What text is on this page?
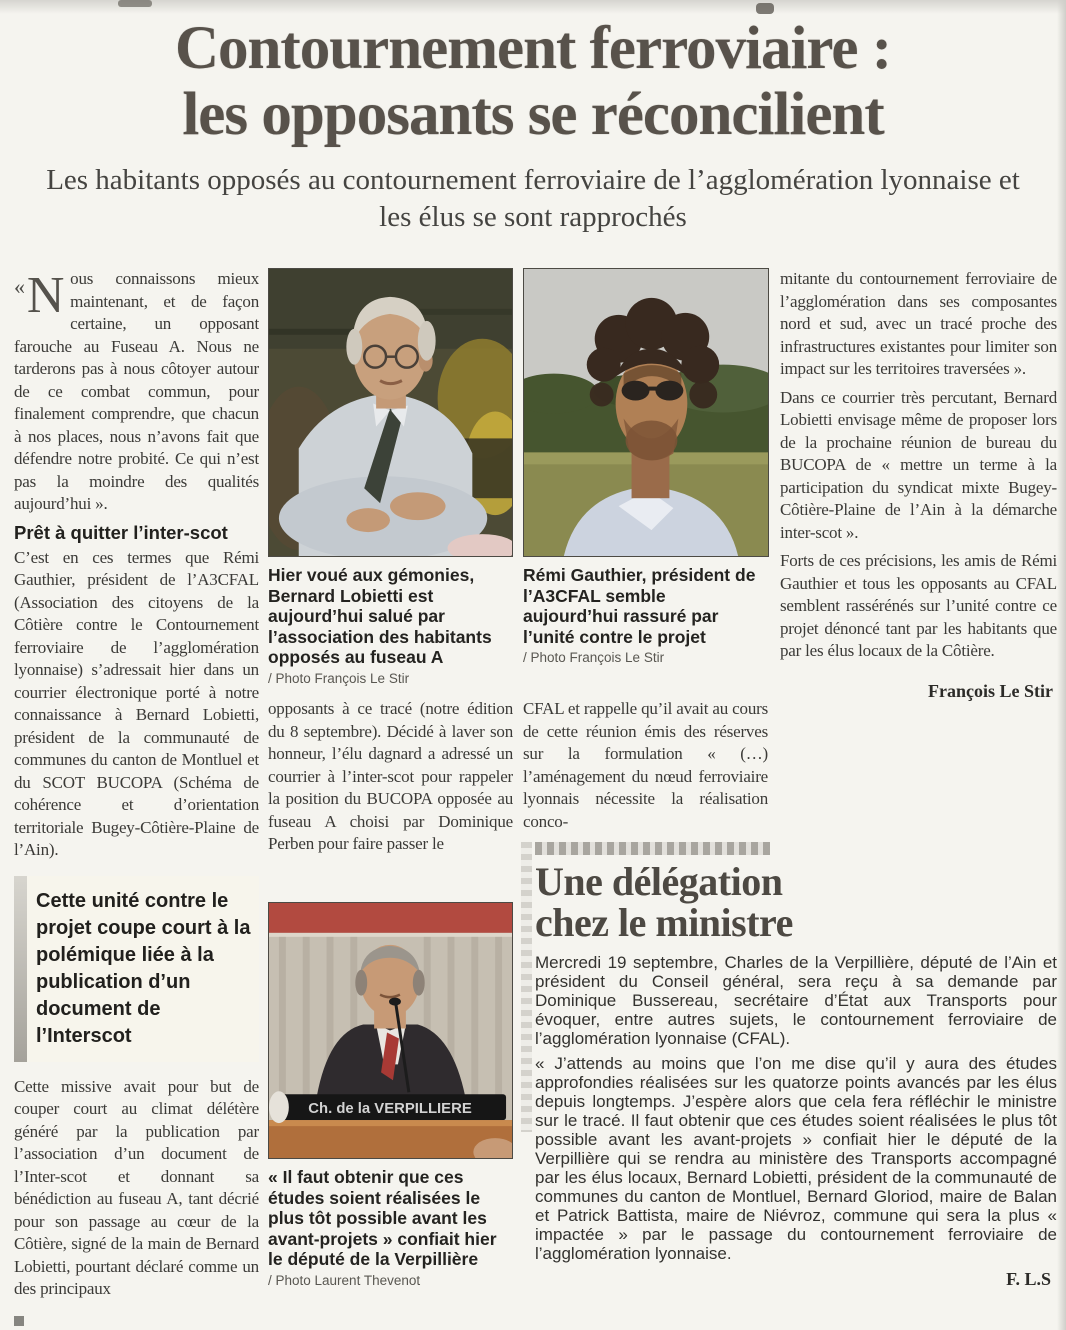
Contournement ferroviaire :
les opposants se réconcilient

Les habitants opposés au contournement ferroviaire de l’agglomération lyonnaise et les élus se sont rapprochés

«N ous connaissons mieux maintenant, et de façon certaine, un opposant farouche au Fuseau A. Nous ne tarderons pas à nous côtoyer autour de ce combat commun, pour finalement comprendre, que chacun à nos places, nous n’avons fait que défendre notre probité. Ce qui n’est pas la moindre des qualités aujourd’hui ».

Prêt à quitter l’inter-scot

C’est en ces termes que Rémi Gauthier, président de l’A3CFAL (Association des citoyens de la Côtière contre le Contournement ferroviaire de l’agglomération lyonnaise) s’adressait hier dans un courrier électronique porté à notre connaissance à Bernard Lobietti, président de la communauté de communes du canton de Montluel et du SCOT BUCOPA (Schéma de cohérence et d’orientation territoriale Bugey-Côtière-Plaine de l’Ain).

Cette unité contre le projet coupe court à la polémique liée à la publication d’un document de l’Interscot

Cette missive avait pour but de couper court au climat délétère généré par la publication par l’association d’un document de l’Inter-scot et donnant sa bénédiction au fuseau A, tant décrié pour son passage au cœur de la Côtière, signé de la main de Bernard Lobietti, pourtant déclaré comme un des principaux

Hier voué aux gémonies, Bernard Lobietti est aujourd’hui salué par l’association des habitants opposés au fuseau A
/ Photo François Le Stir

opposants à ce tracé (notre édition du 8 septembre). Décidé à laver son honneur, l’élu dagnard a adressé un courrier à l’inter-scot pour rappeler la position du BUCOPA opposée au fuseau A choisi par Dominique Perben pour faire passer le

Rémi Gauthier, président de l’A3CFAL semble aujourd’hui rassuré par l’unité contre le projet
/ Photo François Le Stir

CFAL et rappelle qu’il avait au cours de cette réunion émis des réserves sur la formulation « (…) l’aménagement du nœud ferroviaire lyonnais nécessite la réalisation conco-

mitante du contournement ferroviaire de l’agglomération dans ses composantes nord et sud, avec un tracé proche des infrastructures existantes pour limiter son impact sur les territoires traversées ».

Dans ce courrier très percutant, Bernard Lobietti envisage même de proposer lors de la prochaine réunion de bureau du BUCOPA de « mettre un terme à la participation du syndicat mixte Bugey-Côtière-Plaine de l’Ain à la démarche inter-scot ».

Forts de ces précisions, les amis de Rémi Gauthier et tous les opposants au CFAL semblent rassérénés sur l’unité contre ce projet dénoncé tant par les habitants que par les élus locaux de la Côtière.

François Le Stir

Ch. de la VERPILLIERE
« Il faut obtenir que ces études soient réalisées le plus tôt possible avant les avant-projets » confiait hier le député de la Verpillière
/ Photo Laurent Thevenot
Une délégation
chez le ministre

Mercredi 19 septembre, Charles de la Verpillière, député de l’Ain et président du Conseil général, sera reçu à sa demande par Dominique Bussereau, secrétaire d’État aux Transports pour évoquer, entre autres sujets, le contournement ferroviaire de l’agglomération lyonnaise (CFAL).

« J’attends au moins que l’on me dise qu’il y aura des études approfondies réalisées sur les quatorze points avancés par les élus depuis longtemps. J’espère alors que cela fera réfléchir le ministre sur le tracé. Il faut obtenir que ces études soient réalisées le plus tôt possible avant les avant-projets » confiait hier le député de la Verpillière qui se rendra au ministère des Transports accompagné par les élus locaux, Bernard Lobietti, président de la communauté de communes du canton de Montluel, Bernard Gloriod, maire de Balan et Patrick Battista, maire de Niévroz, commune qui sera la plus « impactée » par le passage du contournement ferroviaire de l’agglomération lyonnaise.

F. L.S
